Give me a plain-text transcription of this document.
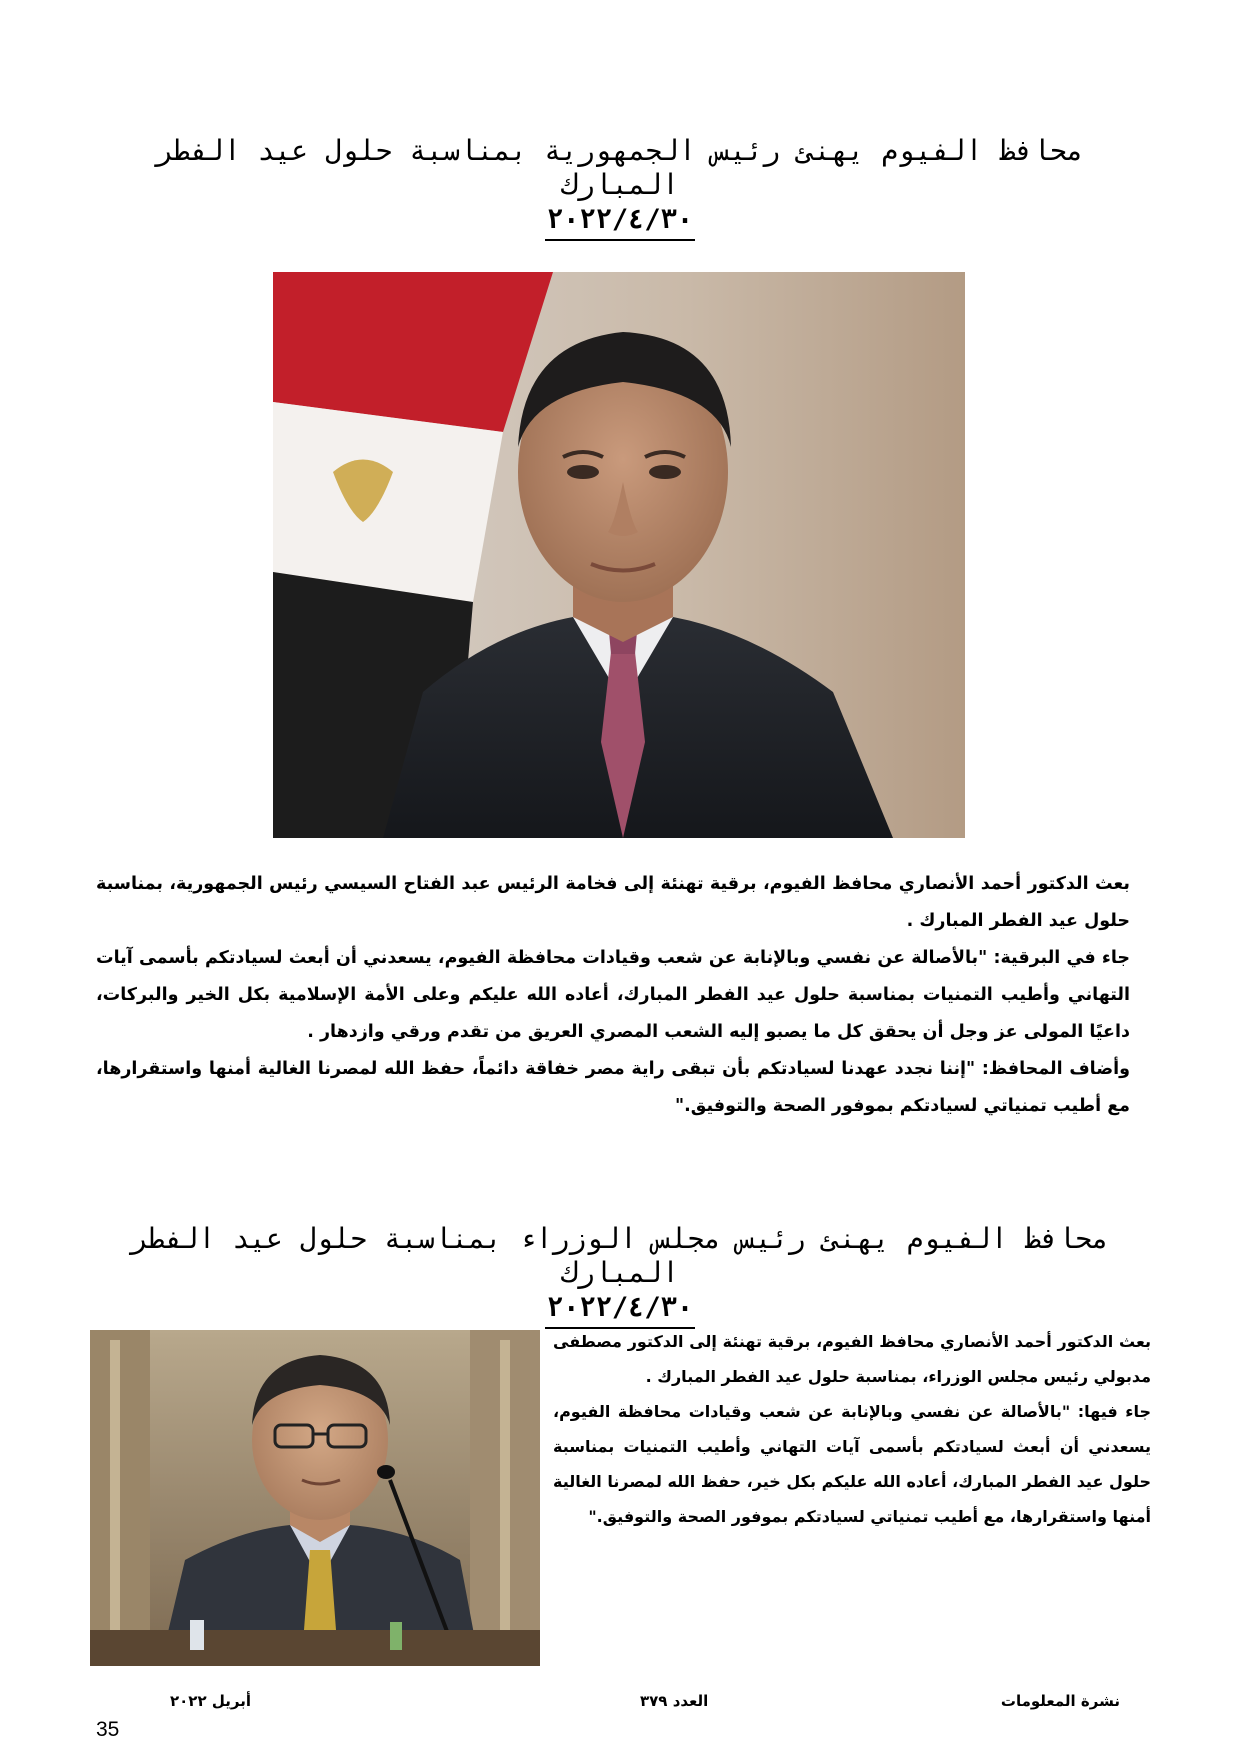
محافظ الفيوم يهنئ رئيس الجمهورية بمناسبة حلول عيد الفطر
المبارك
٢٠٢٢/٤/٣٠

بعث الدكتور أحمد الأنصاري محافظ الفيوم، برقية تهنئة إلى فخامة الرئيس عبد الفتاح السيسي رئيس الجمهورية، بمناسبة حلول عيد الفطر المبارك .

جاء في البرقية: "بالأصالة عن نفسي وبالإنابة عن شعب وقيادات محافظة الفيوم، يسعدني أن أبعث لسيادتكم بأسمى آيات التهاني وأطيب التمنيات بمناسبة حلول عيد الفطر المبارك، أعاده الله عليكم وعلى الأمة الإسلامية بكل الخير والبركات، داعيًا المولى عز وجل أن يحقق كل ما يصبو إليه الشعب المصري العريق من تقدم ورقي وازدهار .

وأضاف المحافظ: "إننا نجدد عهدنا لسيادتكم بأن تبقى راية مصر خفاقة دائماً، حفظ الله لمصرنا الغالية أمنها واستقرارها، مع أطيب تمنياتي لسيادتكم بموفور الصحة والتوفيق."

محافظ الفيوم يهنئ رئيس مجلس الوزراء بمناسبة حلول عيد الفطر
المبارك
٢٠٢٢/٤/٣٠

بعث الدكتور أحمد الأنصاري محافظ الفيوم، برقية تهنئة إلى الدكتور مصطفى مدبولي رئيس مجلس الوزراء، بمناسبة حلول عيد الفطر المبارك .

جاء فيها: "بالأصالة عن نفسي وبالإنابة عن شعب وقيادات محافظة الفيوم، يسعدني أن أبعث لسيادتكم بأسمى آيات التهاني وأطيب التمنيات بمناسبة حلول عيد الفطر المبارك، أعاده الله عليكم بكل خير، حفظ الله لمصرنا الغالية أمنها واستقرارها، مع أطيب تمنياتي لسيادتكم بموفور الصحة والتوفيق."

نشرة المعلومات
العدد ٣٧٩
أبريل ٢٠٢٢
35
